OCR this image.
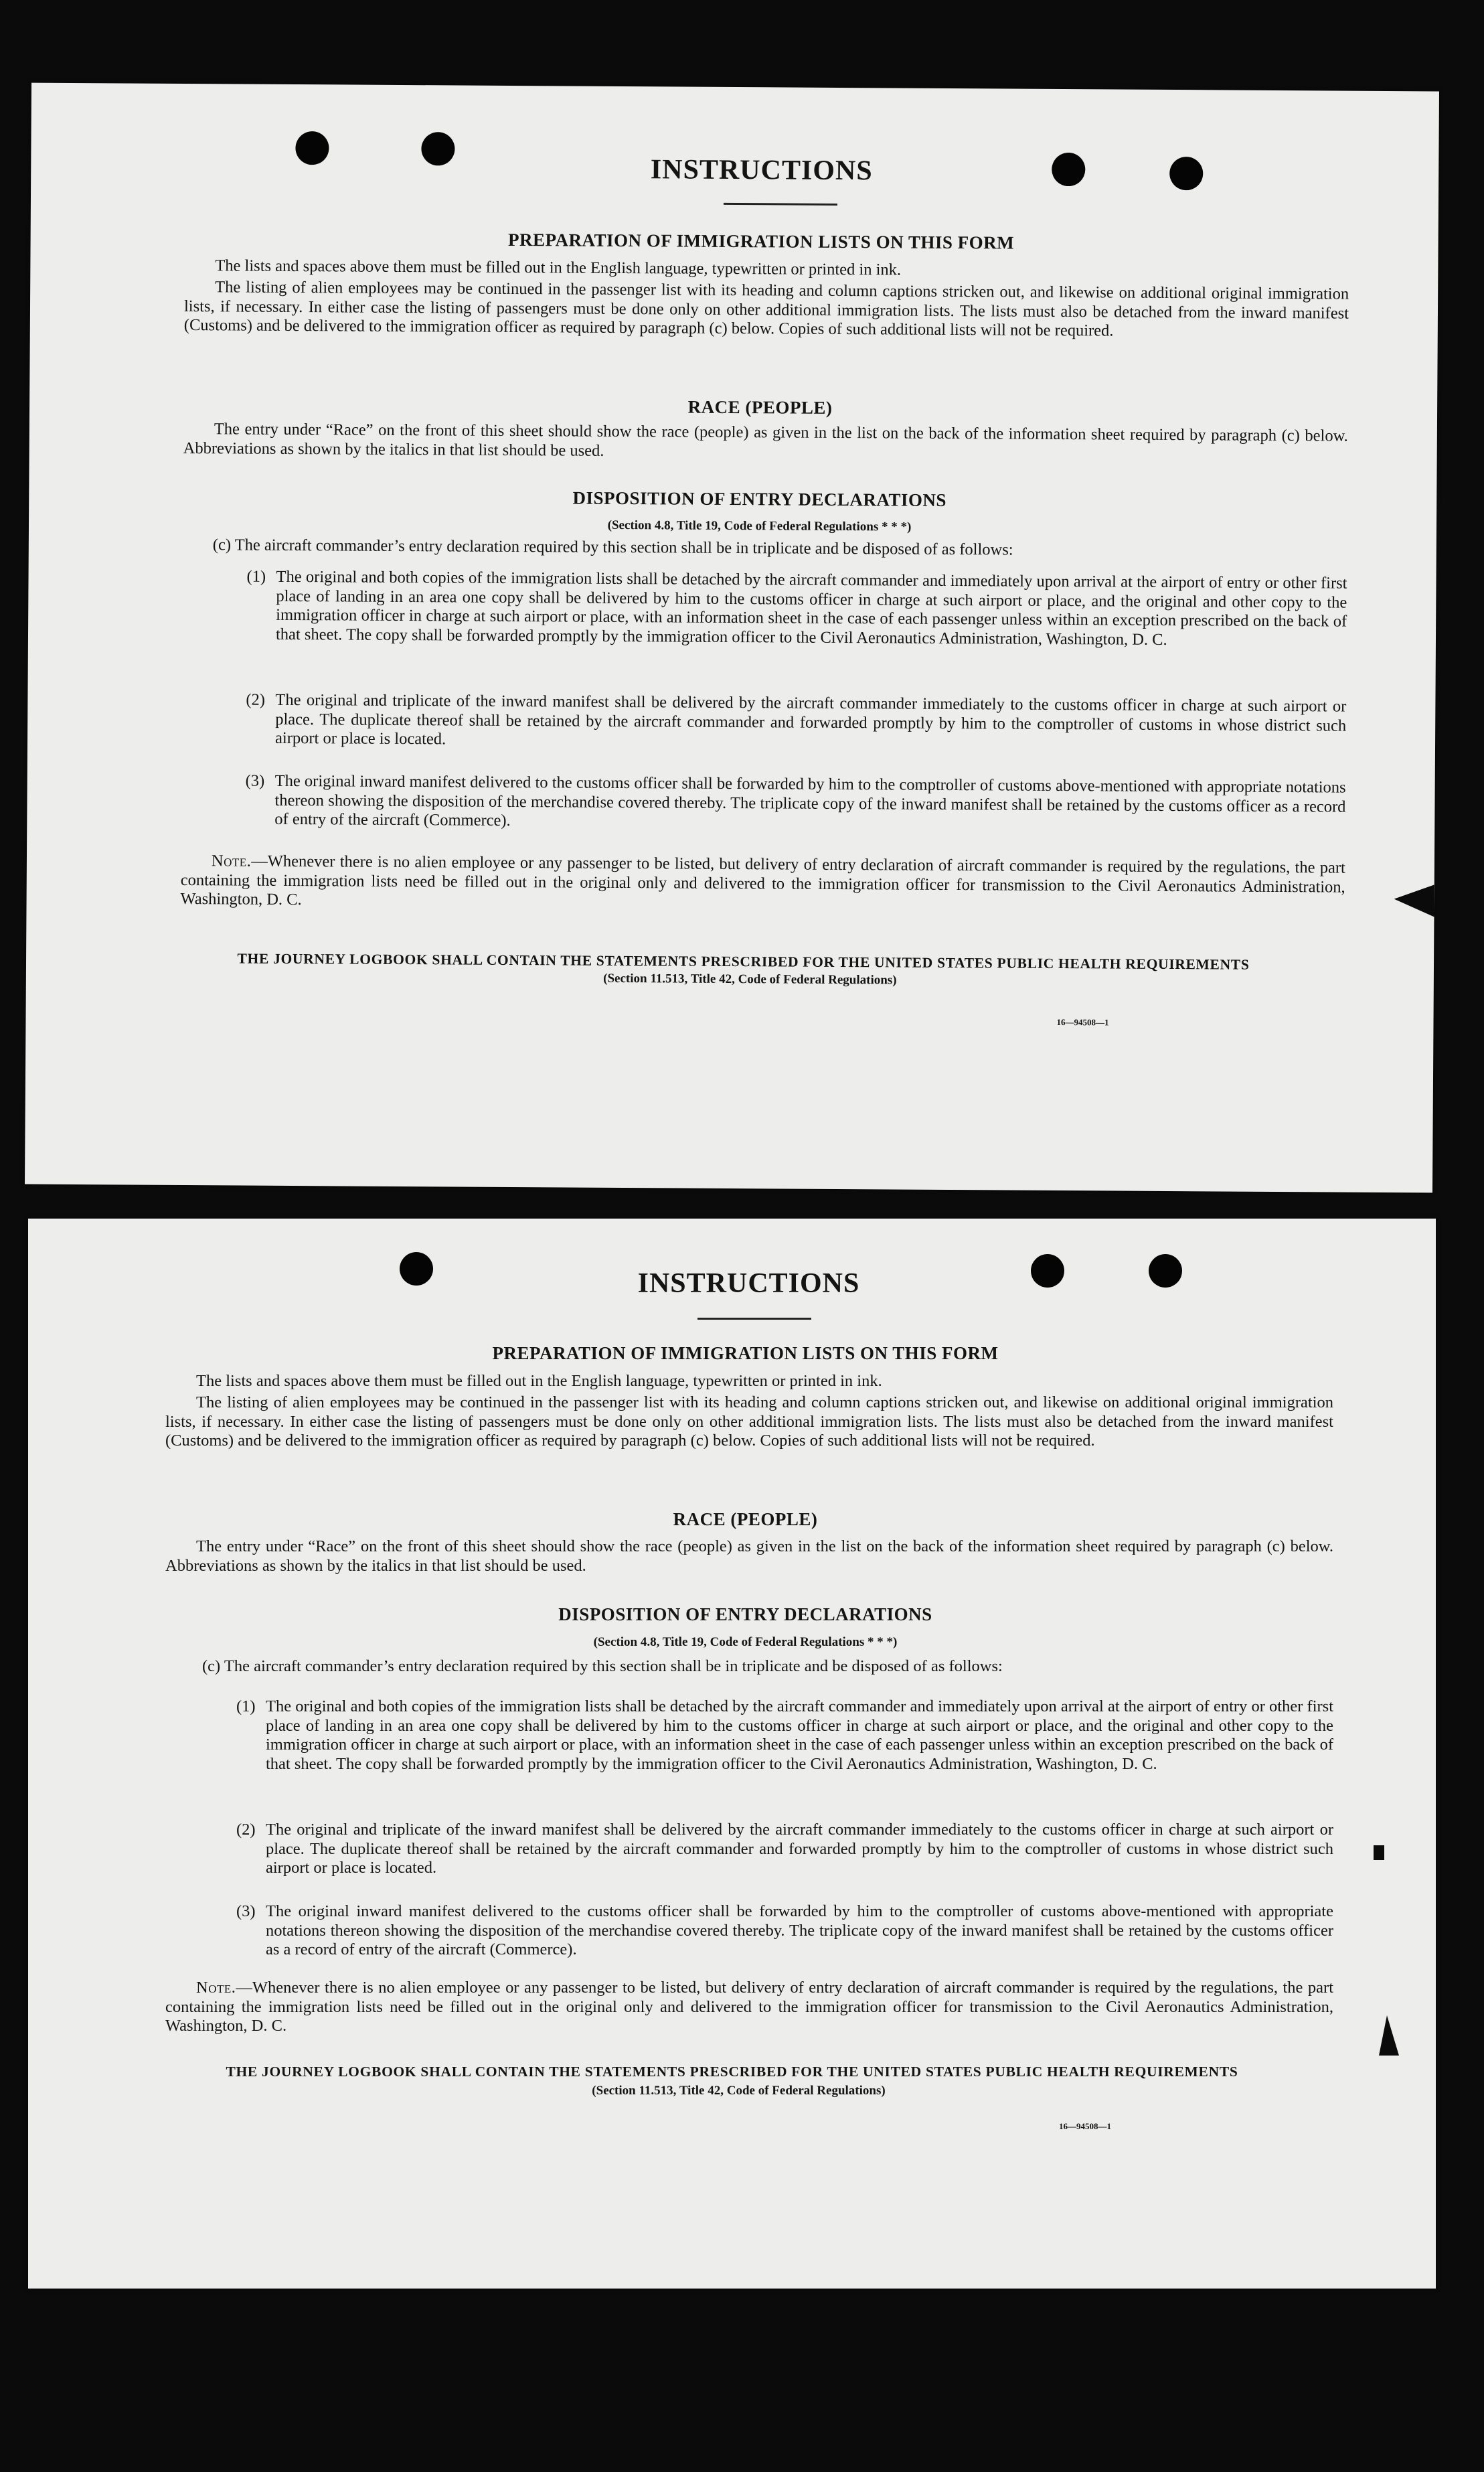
INSTRUCTIONS
PREPARATION OF IMMIGRATION LISTS ON THIS FORM

The lists and spaces above them must be filled out in the English language, typewritten or printed in ink.

The listing of alien employees may be continued in the passenger list with its heading and column captions stricken out, and likewise on additional original immigration lists, if necessary. In either case the listing of passengers must be done only on other additional immigration lists. The lists must also be detached from the inward manifest (Customs) and be delivered to the immigration officer as required by paragraph (c) below. Copies of such additional lists will not be required.

RACE (PEOPLE)

The entry under “Race” on the front of this sheet should show the race (people) as given in the list on the back of the information sheet required by paragraph (c) below. Abbreviations as shown by the italics in that list should be used.

DISPOSITION OF ENTRY DECLARATIONS
(Section 4.8, Title 19, Code of Federal Regulations * * *)

(c) The aircraft commander’s entry declaration required by this section shall be in triplicate and be disposed of as follows:

(1) The original and both copies of the immigration lists shall be detached by the aircraft commander and immediately upon arrival at the airport of entry or other first place of landing in an area one copy shall be delivered by him to the customs officer in charge at such airport or place, and the original and other copy to the immigration officer in charge at such airport or place, with an information sheet in the case of each passenger unless within an exception prescribed on the back of that sheet. The copy shall be forwarded promptly by the immigration officer to the Civil Aeronautics Administration, Washington, D. C.
(2) The original and triplicate of the inward manifest shall be delivered by the aircraft commander immediately to the customs officer in charge at such airport or place. The duplicate thereof shall be retained by the aircraft commander and forwarded promptly by him to the comptroller of customs in whose district such airport or place is located.
(3) The original inward manifest delivered to the customs officer shall be forwarded by him to the comptroller of customs above-mentioned with appropriate notations thereon showing the disposition of the merchandise covered thereby. The triplicate copy of the inward manifest shall be retained by the customs officer as a record of entry of the aircraft (Commerce).

Note.—Whenever there is no alien employee or any passenger to be listed, but delivery of entry declaration of aircraft commander is required by the regulations, the part containing the immigration lists need be filled out in the original only and delivered to the immigration officer for transmission to the Civil Aeronautics Administration, Washington, D. C.

THE JOURNEY LOGBOOK SHALL CONTAIN THE STATEMENTS PRESCRIBED FOR THE UNITED STATES PUBLIC HEALTH REQUIREMENTS
(Section 11.513, Title 42, Code of Federal Regulations)
16—94508—1
INSTRUCTIONS
PREPARATION OF IMMIGRATION LISTS ON THIS FORM

The lists and spaces above them must be filled out in the English language, typewritten or printed in ink.

The listing of alien employees may be continued in the passenger list with its heading and column captions stricken out, and likewise on additional original immigration lists, if necessary. In either case the listing of passengers must be done only on other additional immigration lists. The lists must also be detached from the inward manifest (Customs) and be delivered to the immigration officer as required by paragraph (c) below. Copies of such additional lists will not be required.

RACE (PEOPLE)

The entry under “Race” on the front of this sheet should show the race (people) as given in the list on the back of the information sheet required by paragraph (c) below. Abbreviations as shown by the italics in that list should be used.

DISPOSITION OF ENTRY DECLARATIONS
(Section 4.8, Title 19, Code of Federal Regulations * * *)

(c) The aircraft commander’s entry declaration required by this section shall be in triplicate and be disposed of as follows:

(1) The original and both copies of the immigration lists shall be detached by the aircraft commander and immediately upon arrival at the airport of entry or other first place of landing in an area one copy shall be delivered by him to the customs officer in charge at such airport or place, and the original and other copy to the immigration officer in charge at such airport or place, with an information sheet in the case of each passenger unless within an exception prescribed on the back of that sheet. The copy shall be forwarded promptly by the immigration officer to the Civil Aeronautics Administration, Washington, D. C.
(2) The original and triplicate of the inward manifest shall be delivered by the aircraft commander immediately to the customs officer in charge at such airport or place. The duplicate thereof shall be retained by the aircraft commander and forwarded promptly by him to the comptroller of customs in whose district such airport or place is located.
(3) The original inward manifest delivered to the customs officer shall be forwarded by him to the comptroller of customs above-mentioned with appropriate notations thereon showing the disposition of the merchandise covered thereby. The triplicate copy of the inward manifest shall be retained by the customs officer as a record of entry of the aircraft (Commerce).

Note.—Whenever there is no alien employee or any passenger to be listed, but delivery of entry declaration of aircraft commander is required by the regulations, the part containing the immigration lists need be filled out in the original only and delivered to the immigration officer for transmission to the Civil Aeronautics Administration, Washington, D. C.

THE JOURNEY LOGBOOK SHALL CONTAIN THE STATEMENTS PRESCRIBED FOR THE UNITED STATES PUBLIC HEALTH REQUIREMENTS
(Section 11.513, Title 42, Code of Federal Regulations)
16—94508—1
